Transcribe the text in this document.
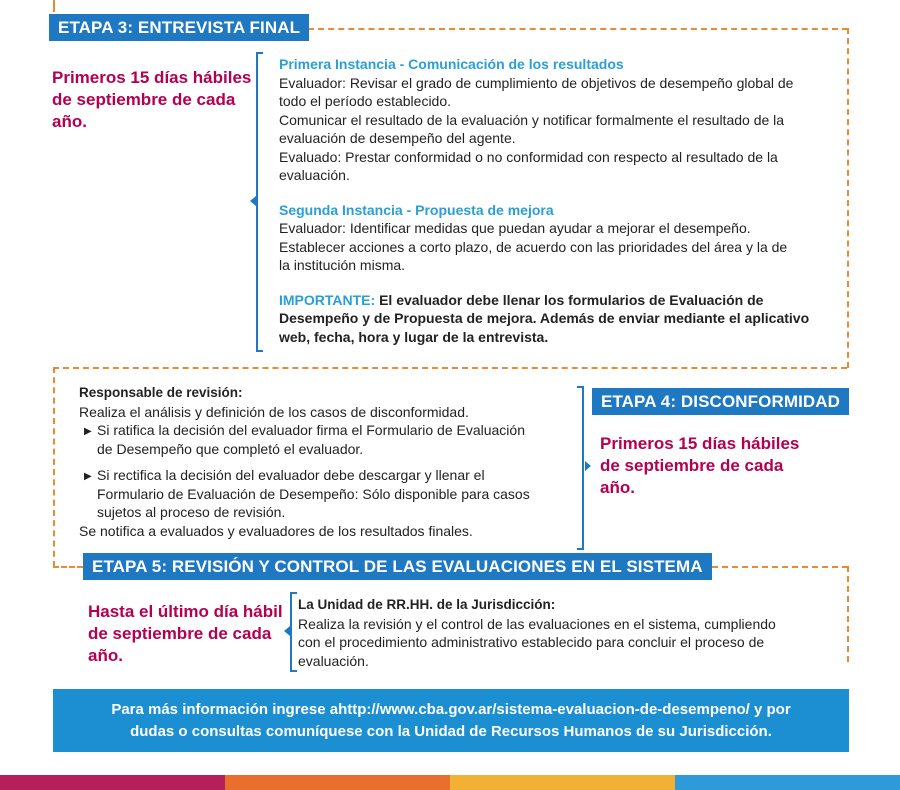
ETAPA 3: ENTREVISTA FINAL
Primeros 15 días hábiles de septiembre de cada año.
Primera Instancia - Comunicación de los resultados
Evaluador: Revisar el grado de cumplimiento de objetivos de desempeño global de
todo el período establecido.
Comunicar el resultado de la evaluación y notificar formalmente el resultado de la
evaluación de desempeño del agente.
Evaluado: Prestar conformidad o no conformidad con respecto al resultado de la
evaluación.
Segunda Instancia - Propuesta de mejora
Evaluador: Identificar medidas que puedan ayudar a mejorar el desempeño.
Establecer acciones a corto plazo, de acuerdo con las prioridades del área y la de
la institución misma.
IMPORTANTE: El evaluador debe llenar los formularios de Evaluación de
Desempeño y de Propuesta de mejora. Además de enviar mediante el aplicativo
web, fecha, hora y lugar de la entrevista.
Responsable de revisión:
Realiza el análisis y definición de los casos de disconformidad.
▶ Si ratifica la decisión del evaluador firma el Formulario de Evaluación
de Desempeño que completó el evaluador.
▶ Si rectifica la decisión del evaluador debe descargar y llenar el
Formulario de Evaluación de Desempeño: Sólo disponible para casos
sujetos al proceso de revisión.
Se notifica a evaluados y evaluadores de los resultados finales.
ETAPA 4: DISCONFORMIDAD
Primeros 15 días hábiles de septiembre de cada año.
ETAPA 5: REVISIÓN Y CONTROL DE LAS EVALUACIONES EN EL SISTEMA
Hasta el último día hábil de septiembre de cada año.
La Unidad de RR.HH. de la Jurisdicción:
Realiza la revisión y el control de las evaluaciones en el sistema, cumpliendo
con el procedimiento administrativo establecido para concluir el proceso de
evaluación.
Para más información ingrese ahttp://www.cba.gov.ar/sistema-evaluacion-de-desempeno/ y por
dudas o consultas comuníquese con la Unidad de Recursos Humanos de su Jurisdicción.
